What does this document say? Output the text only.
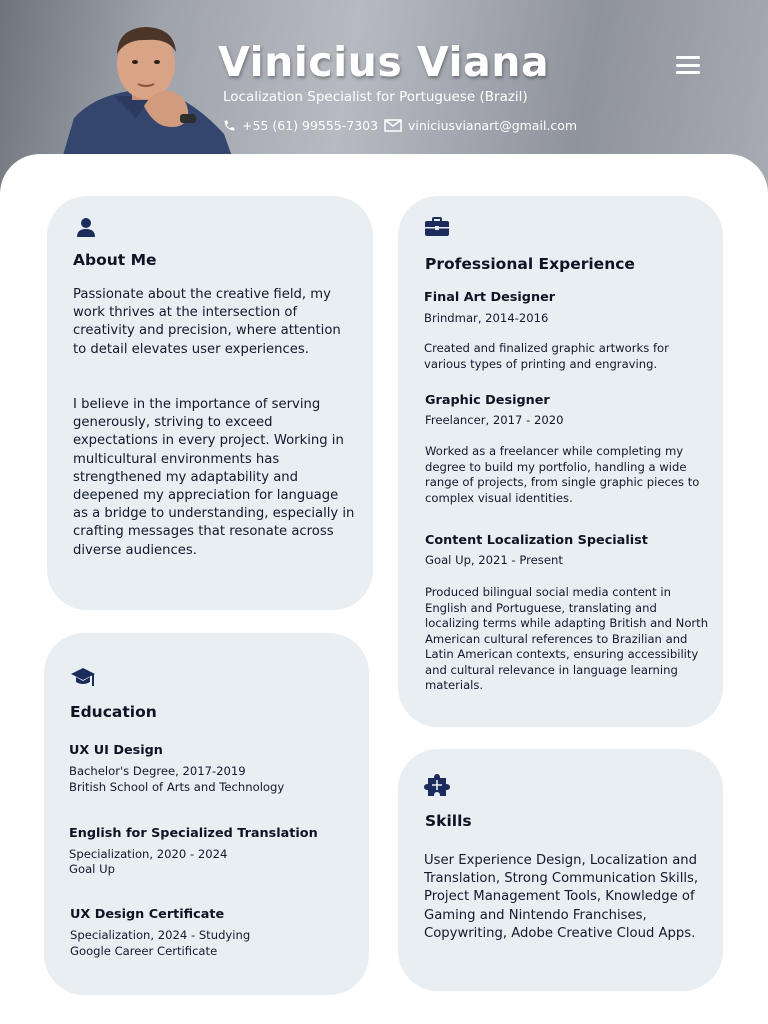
Vinicius Viana
Localization Specialist for Portuguese (Brazil)
+55 (61) 99555-7303 viniciusvianart@gmail.com
About Me
Passionate about the creative field, my work thrives at the intersection of creativity and precision, where attention to detail elevates user experiences.
I believe in the importance of serving generously, striving to exceed expectations in every project. Working in multicultural environments has strengthened my adaptability and deepened my appreciation for language as a bridge to understanding, especially in crafting messages that resonate across diverse audiences.
Education
UX UI Design
Bachelor's Degree, 2017-2019
British School of Arts and Technology
English for Specialized Translation
Specialization, 2020 - 2024
Goal Up
UX Design Certificate
Specialization, 2024 - Studying
Google Career Certificate
Professional Experience
Final Art Designer
Brindmar, 2014-2016
Created and finalized graphic artworks for various types of printing and engraving.
Graphic Designer
Freelancer, 2017 - 2020
Worked as a freelancer while completing my degree to build my portfolio, handling a wide range of projects, from single graphic pieces to complex visual identities.
Content Localization Specialist
Goal Up, 2021 - Present
Produced bilingual social media content in English and Portuguese, translating and localizing terms while adapting British and North American cultural references to Brazilian and Latin American contexts, ensuring accessibility and cultural relevance in language learning materials.
Skills
User Experience Design, Localization and Translation, Strong Communication Skills, Project Management Tools, Knowledge of Gaming and Nintendo Franchises, Copywriting, Adobe Creative Cloud Apps.
